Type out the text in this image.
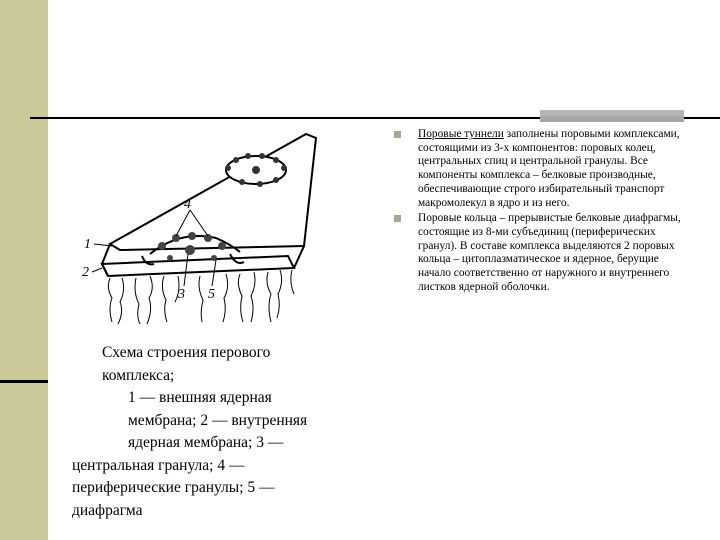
1
2
3
4
5
Схема строения перового
комплекса;
1 — внешняя ядерная
мембрана; 2 — внутренняя
ядерная мембрана; 3 —
центральная гранула; 4 —
периферические гранулы; 5 —
диафрагма
Поровые туннели заполнены поровыми комплексами, состоящими из 3-х компонентов: поровых колец, центральных спиц и центральной гранулы. Все компоненты комплекса – белковые производные, обеспечивающие строго избирательный транспорт макромолекул в ядро и из него.
Поровые кольца – прерывистые белковые диафрагмы, состоящие из 8-ми субъединиц (периферических гранул). В составе комплекса выделяются 2 поровых кольца – цитоплазматическое и ядерное, берущие начало соответственно от наружного и внутреннего листков ядерной оболочки.
